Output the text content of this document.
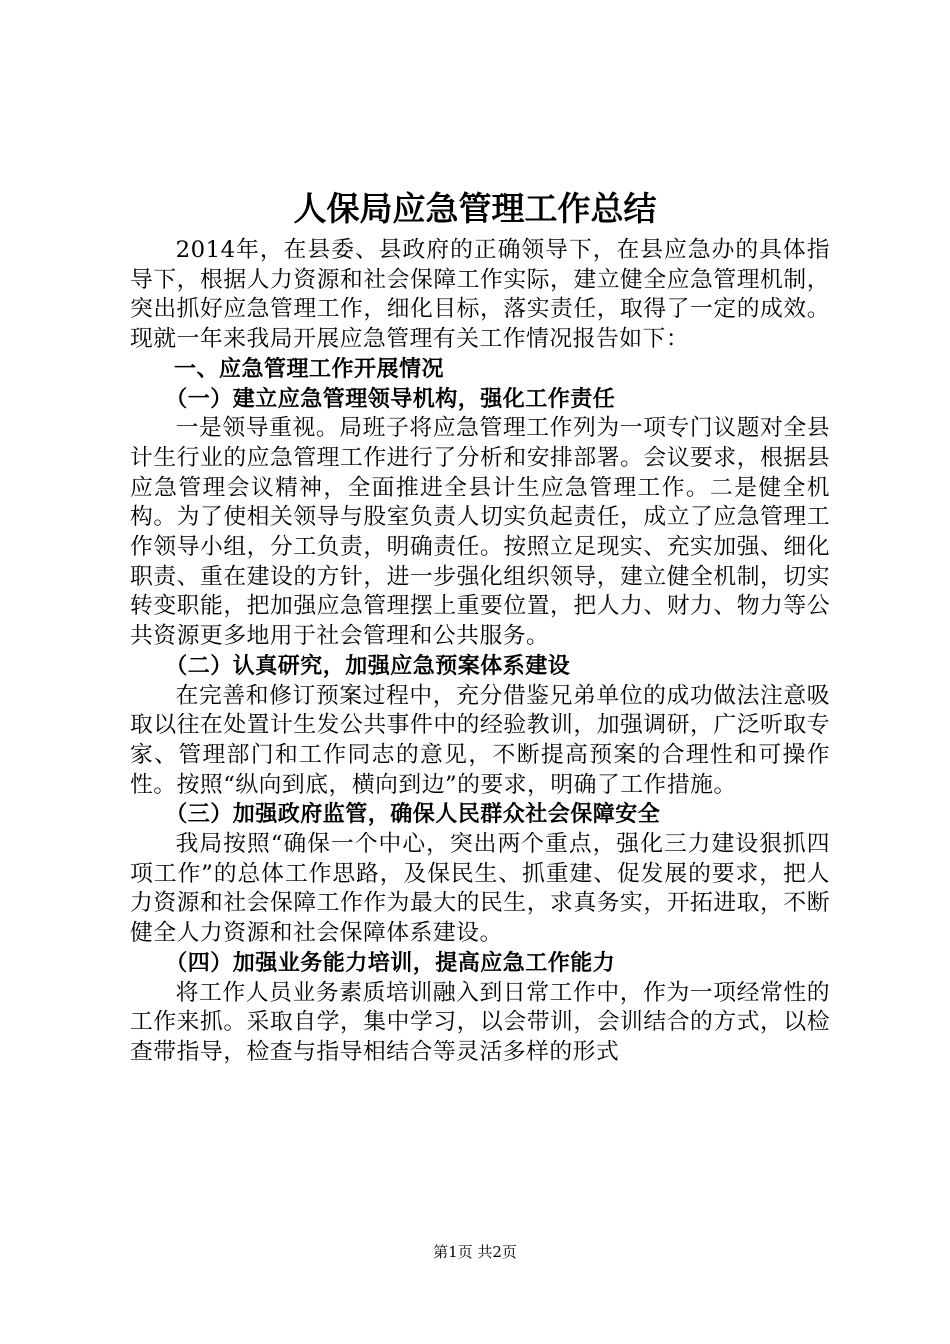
人保局应急管理工作总结

2014年，在县委、县政府的正确领导下，在县应急办的具体指导下，根据人力资源和社会保障工作实际，建立健全应急管理机制，突出抓好应急管理工作，细化目标，落实责任，取得了一定的成效。现就一年来我局开展应急管理有关工作情况报告如下：

一、应急管理工作开展情况

（一）建立应急管理领导机构，强化工作责任

一是领导重视。局班子将应急管理工作列为一项专门议题对全县计生行业的应急管理工作进行了分析和安排部署。会议要求，根据县应急管理会议精神，全面推进全县计生应急管理工作。二是健全机构。为了使相关领导与股室负责人切实负起责任，成立了应急管理工作领导小组，分工负责，明确责任。按照立足现实、充实加强、细化职责、重在建设的方针，进一步强化组织领导，建立健全机制，切实转变职能，把加强应急管理摆上重要位置，把人力、财力、物力等公共资源更多地用于社会管理和公共服务。

（二）认真研究，加强应急预案体系建设

在完善和修订预案过程中，充分借鉴兄弟单位的成功做法注意吸取以往在处置计生发公共事件中的经验教训，加强调研，广泛听取专家、管理部门和工作同志的意见，不断提高预案的合理性和可操作性。按照“纵向到底，横向到边”的要求，明确了工作措施。

（三）加强政府监管，确保人民群众社会保障安全

我局按照“确保一个中心，突出两个重点，强化三力建设狠抓四项工作”的总体工作思路，及保民生、抓重建、促发展的要求，把人力资源和社会保障工作作为最大的民生，求真务实，开拓进取，不断健全人力资源和社会保障体系建设。

（四）加强业务能力培训，提高应急工作能力

将工作人员业务素质培训融入到日常工作中，作为一项经常性的工作来抓。采取自学，集中学习，以会带训，会训结合的方式，以检查带指导，检查与指导相结合等灵活多样的形式

第1页 共2页
